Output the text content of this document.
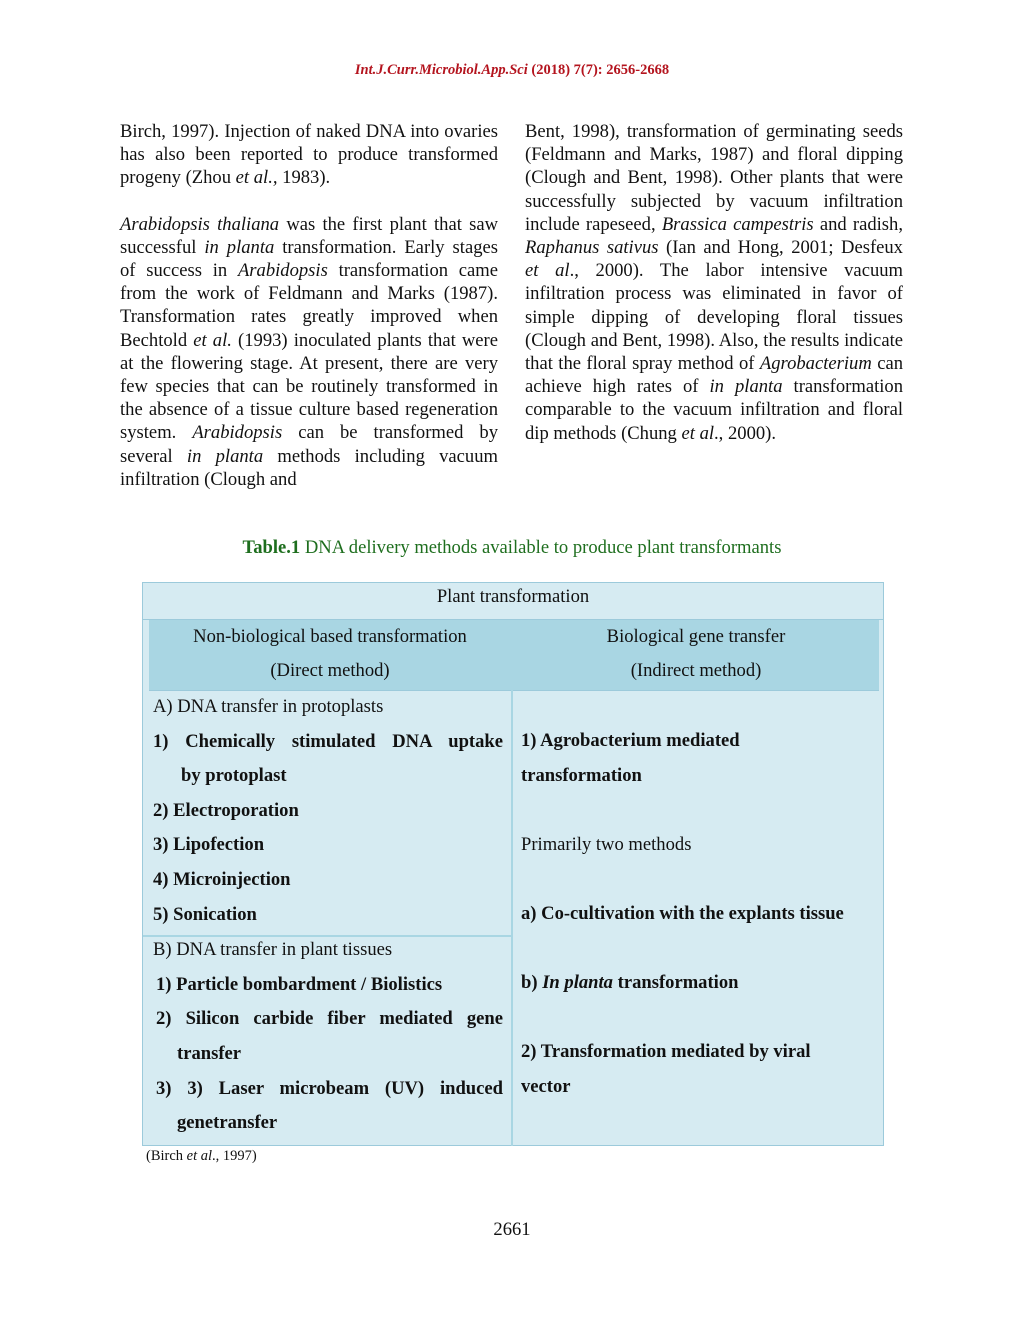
Int.J.Curr.Microbiol.App.Sci (2018) 7(7): 2656-2668

Birch, 1997). Injection of naked DNA into ovaries has also been reported to produce transformed progeny (Zhou et al., 1983).

Arabidopsis thaliana was the first plant that saw successful in planta transformation. Early stages of success in Arabidopsis transformation came from the work of Feldmann and Marks (1987). Transformation rates greatly improved when Bechtold et al. (1993) inoculated plants that were at the flowering stage. At present, there are very few species that can be routinely transformed in the absence of a tissue culture based regeneration system. Arabidopsis can be transformed by several in planta methods including vacuum infiltration (Clough and

Bent, 1998), transformation of germinating seeds (Feldmann and Marks, 1987) and floral dipping (Clough and Bent, 1998). Other plants that were successfully subjected by vacuum infiltration include rapeseed, Brassica campestris and radish, Raphanus sativus (Ian and Hong, 2001; Desfeux et al., 2000). The labor intensive vacuum infiltration process was eliminated in favor of simple dipping of developing floral tissues (Clough and Bent, 1998). Also, the results indicate that the floral spray method of Agrobacterium can achieve high rates of in planta transformation comparable to the vacuum infiltration and floral dip methods (Chung et al., 2000).

Table.1 DNA delivery methods available to produce plant transformants
Plant transformation
Non-biological based transformation
(Direct method)
Biological gene transfer
(Indirect method)
A) DNA transfer in protoplasts
1) Chemically stimulated DNA uptake
by protoplast
2) Electroporation
3) Lipofection
4) Microinjection
5) Sonication
B) DNA transfer in plant tissues
1) Particle bombardment / Biolistics
2) Silicon carbide fiber mediated gene
transfer
3) 3) Laser microbeam (UV) induced
genetransfer
1) Agrobacterium mediated
transformation
Primarily two methods
a) Co-cultivation with the explants tissue
b) In planta transformation
2) Transformation mediated by viral
vector
(Birch et al., 1997)
2661
